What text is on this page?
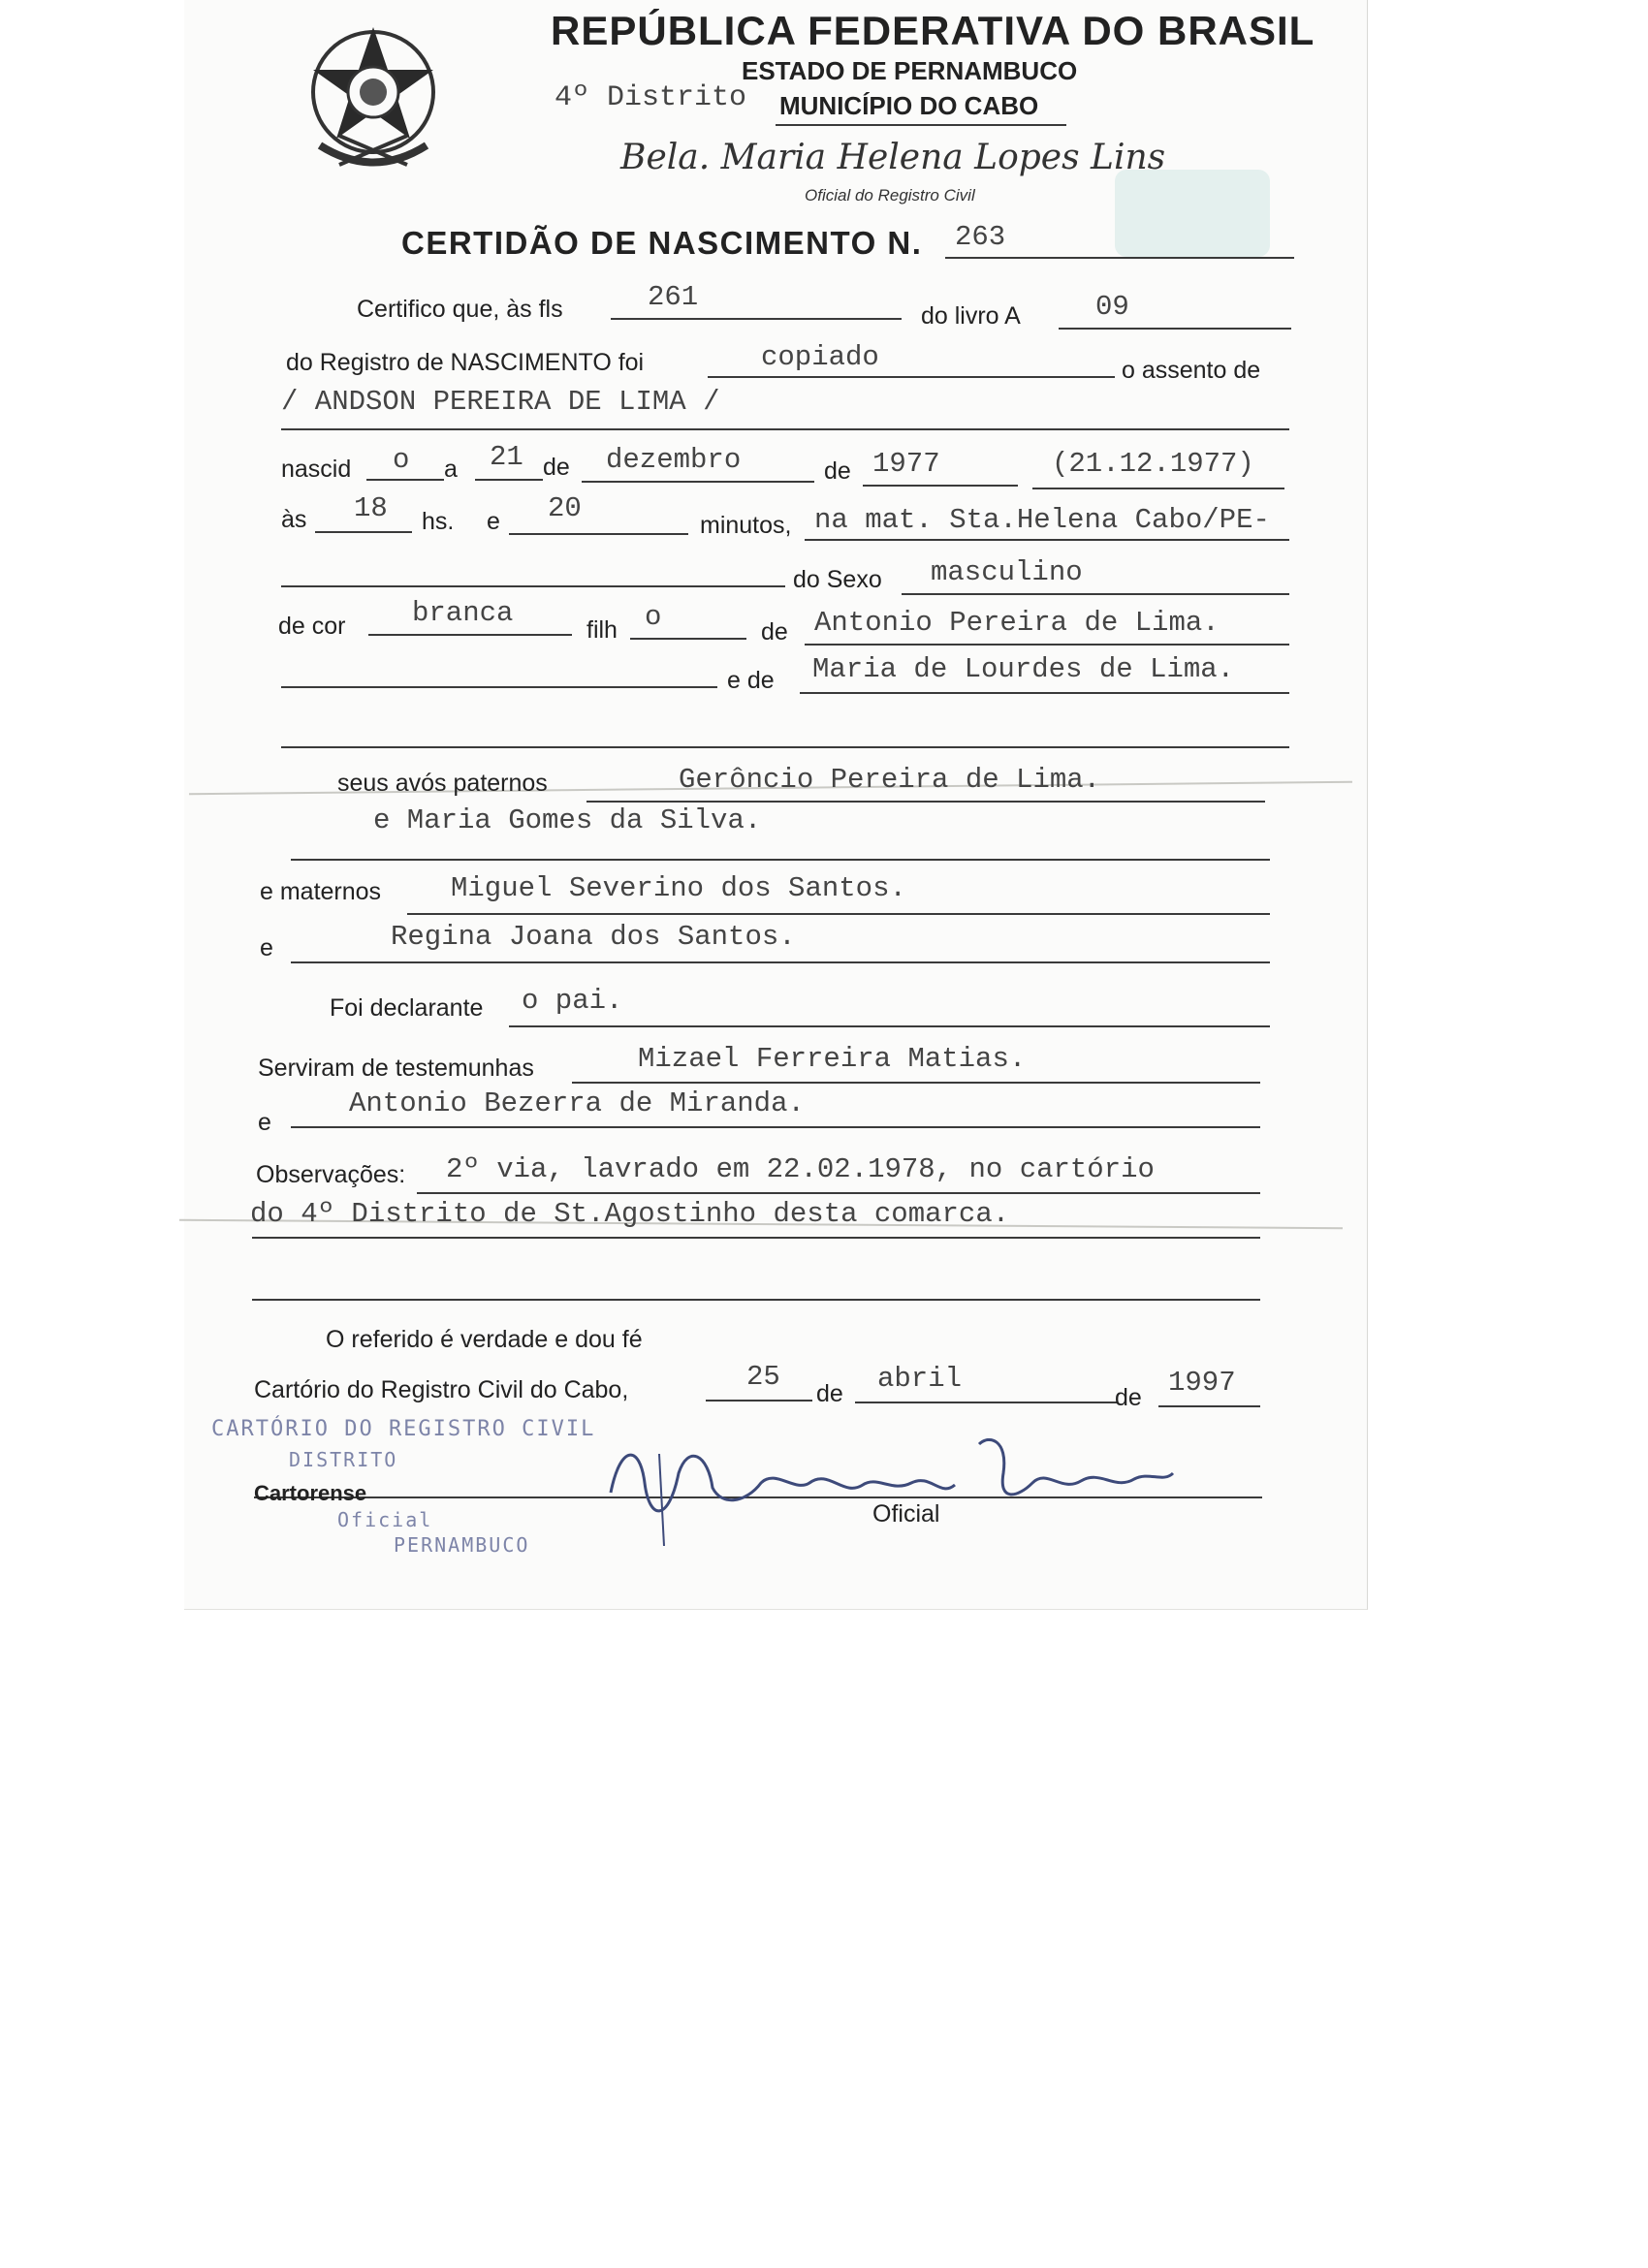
REPÚBLICA FEDERATIVA DO BRASIL
ESTADO DE PERNAMBUCO
4º Distrito MUNICÍPIO DO CABO
Bela. Maria Helena Lopes Lins
Oficial do Registro Civil
CERTIDÃO DE NASCIMENTO N. 263
Certifico que, às fls	261
do livro A	09
do Registro de NASCIMENTO foi	copiado	o assento de
/ ANDSON PEREIRA DE LIMA /
nascid o a 21 de dezembro	de 1977	(21.12.1977)
às 18 hs. e 20
minutos, na mat. Sta.Helena Cabo/PE-
do Sexo masculino
de cor branca
filh o	de Antonio Pereira de Lima.
e de Maria de Lourdes de Lima.
seus avós paternos	Gerôncio Pereira de Lima.
e Maria Gomes da Silva.
e maternos Miguel Severino dos Santos.
e	Regina Joana dos Santos.
Foi declarante o pai.
Serviram de testemunhas	Mizael Ferreira Matias.
e
Antonio Bezerra de Miranda.
Observações: 2º via, lavrado em 22.02.1978, no cartório
do 4º Distrito de St.Agostinho desta comarca.
O referido é verdade e dou fé
Cartório do Registro Civil do Cabo,	25
de abril
de 1997
CARTÓRIO DO REGISTRO CIVIL
DISTRITO
Oficial
PERNAMBUCO
Cartorense
Oficial
